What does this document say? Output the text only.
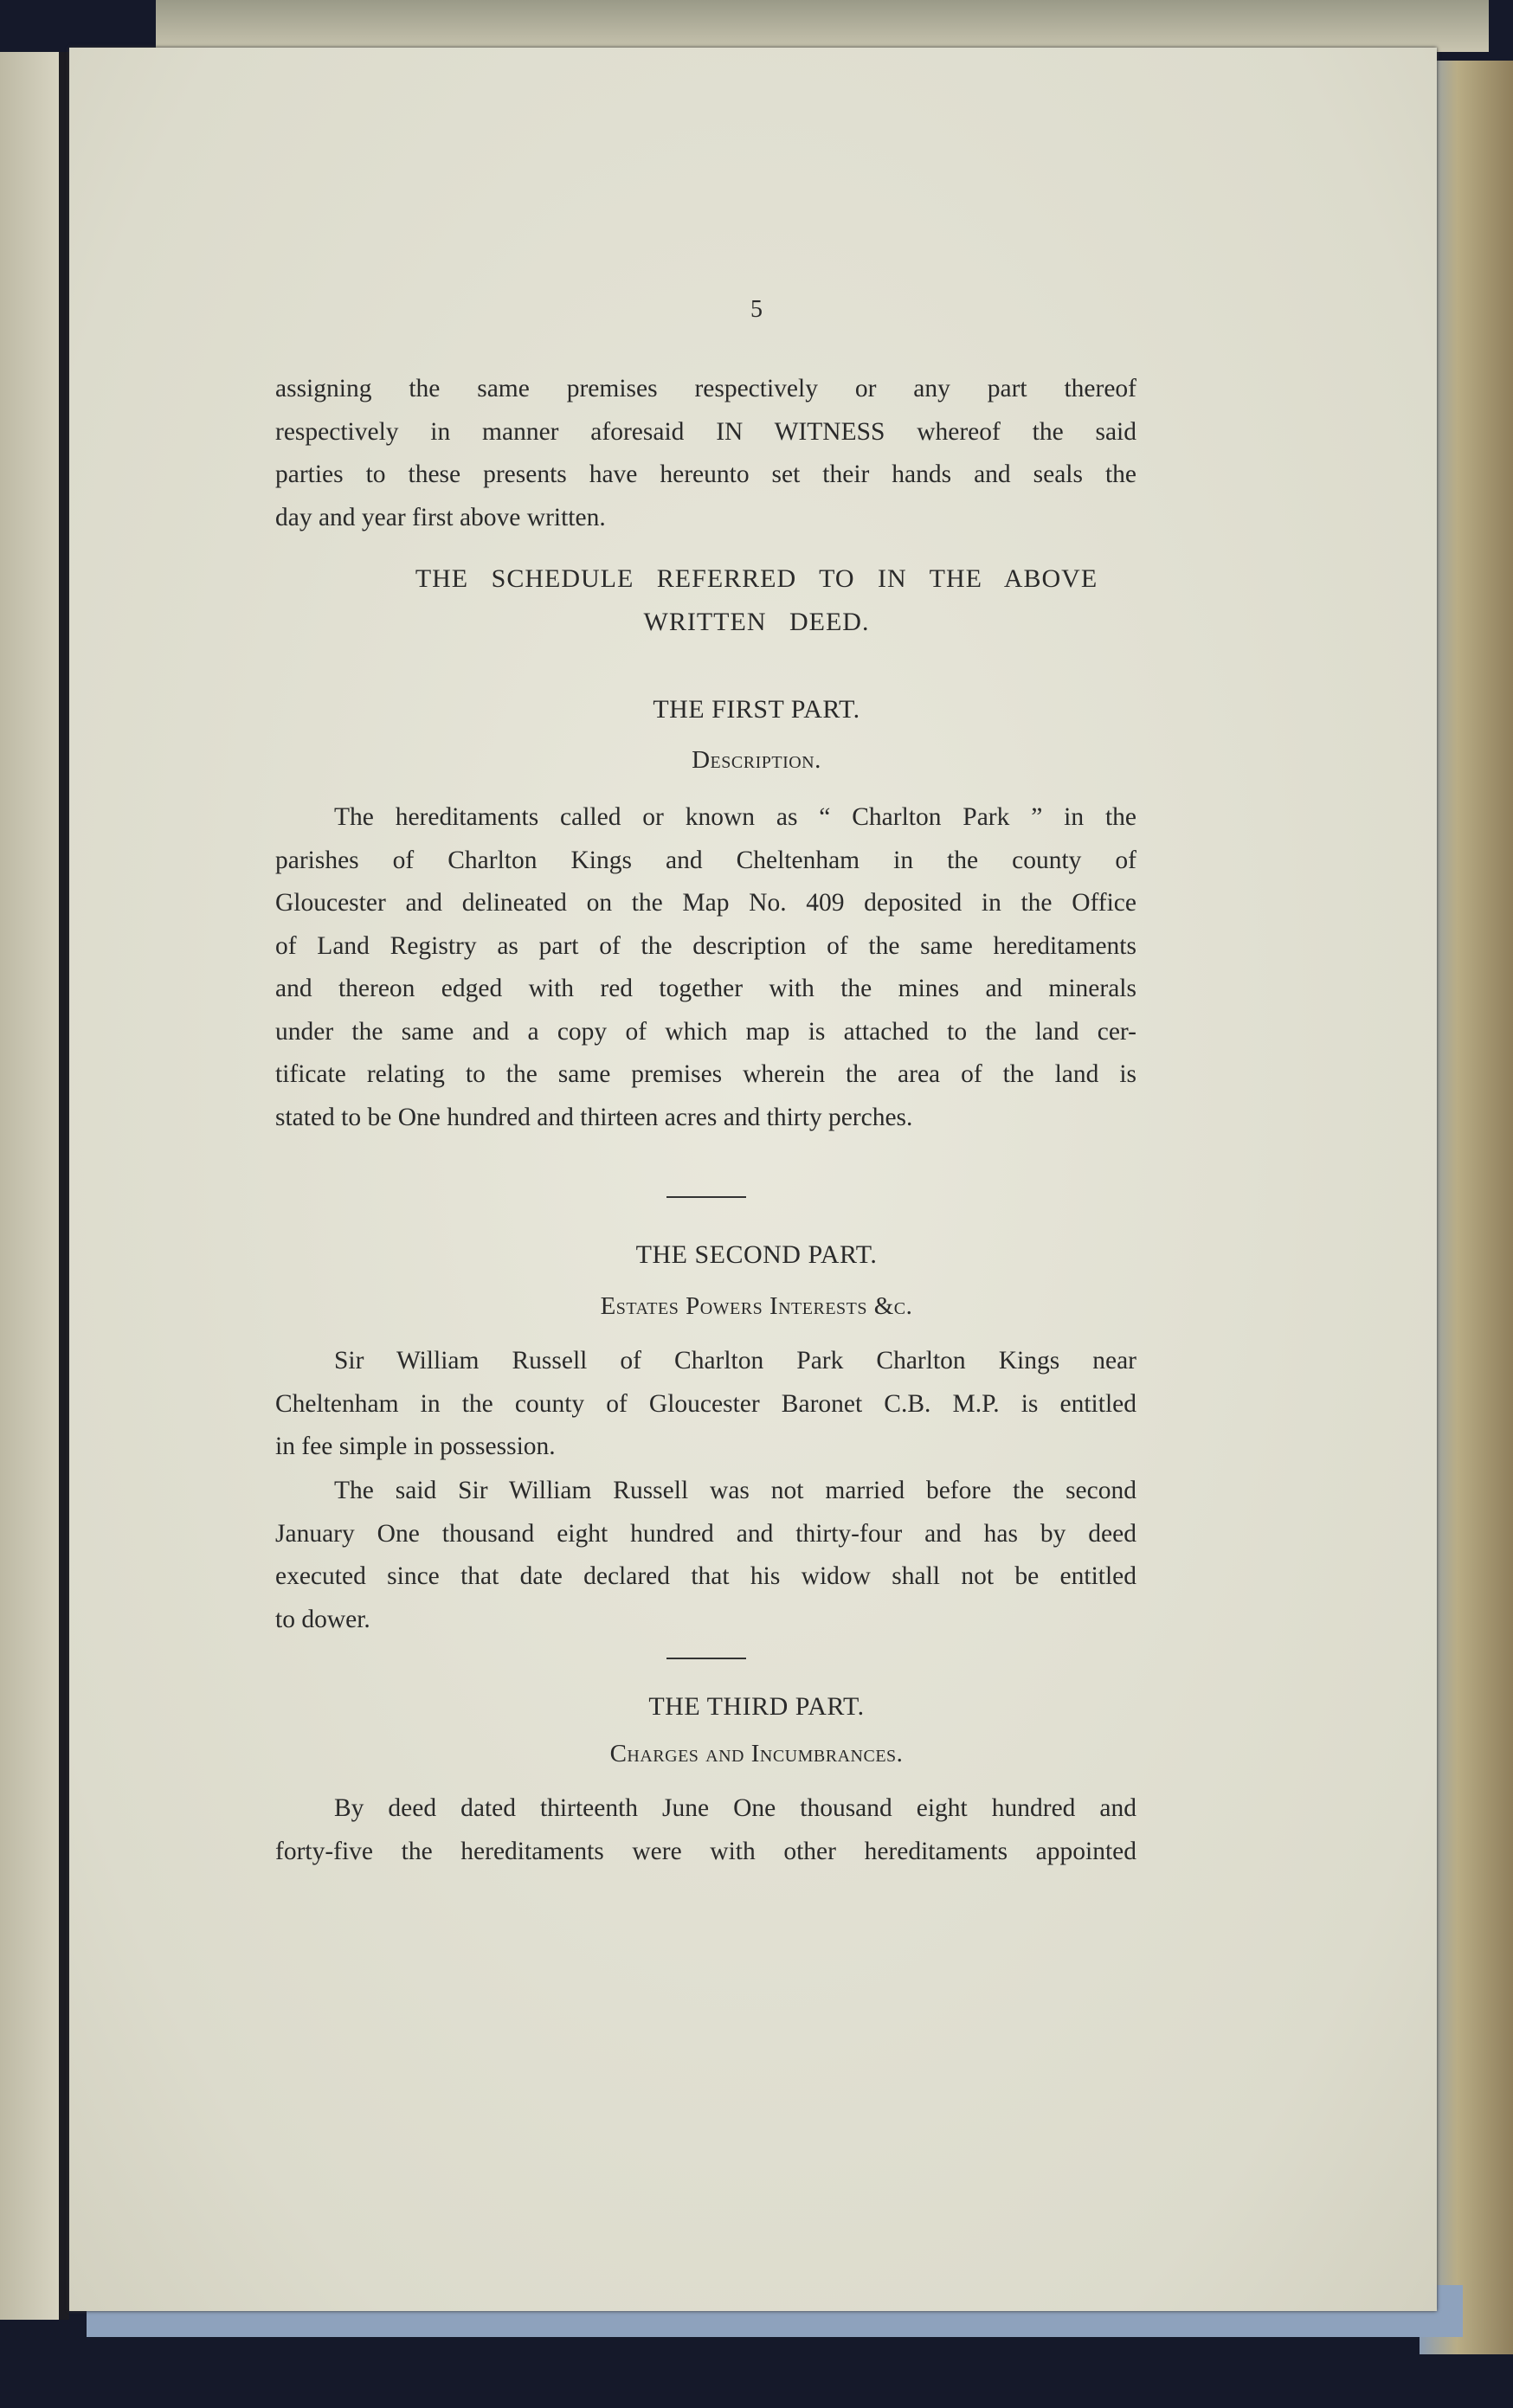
5
assigning the same premises respectively or any part thereof
respectively in manner aforesaid IN WITNESS whereof the said
parties to these presents have hereunto set their hands and seals the
day and year first above written.
THE SCHEDULE REFERRED TO IN THE ABOVE
WRITTEN DEED.
THE FIRST PART.
Description.
The hereditaments called or known as “ Charlton Park ” in the
parishes of Charlton Kings and Cheltenham in the county of
Gloucester and delineated on the Map No. 409 deposited in the Office
of Land Registry as part of the description of the same hereditaments
and thereon edged with red together with the mines and minerals
under the same and a copy of which map is attached to the land cer-
tificate relating to the same premises wherein the area of the land is
stated to be One hundred and thirteen acres and thirty perches.
THE SECOND PART.
Estates Powers Interests &c.
Sir William Russell of Charlton Park Charlton Kings near
Cheltenham in the county of Gloucester Baronet C.B. M.P. is entitled
in fee simple in possession.
The said Sir William Russell was not married before the second
January One thousand eight hundred and thirty-four and has by deed
executed since that date declared that his widow shall not be entitled
to dower.
THE THIRD PART.
Charges and Incumbrances.
By deed dated thirteenth June One thousand eight hundred and
forty-five the hereditaments were with other hereditaments appointed
